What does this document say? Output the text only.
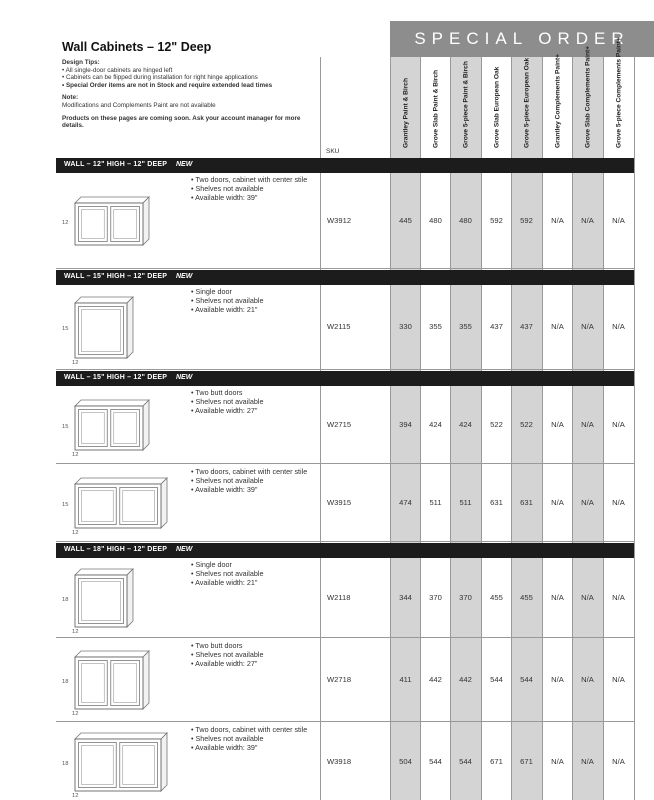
SPECIAL ORDER
Wall Cabinets – 12" Deep
Design Tips:
• All single-door cabinets are hinged left
• Cabinets can be flipped during installation for right hinge applications
• Special Order items are not in Stock and require extended lead times
Note:
Modifications and Complements Paint are not available
Products on these pages are coming soon. Ask your account manager for more details.
SKU
Grantley Paint & Birch	Grove Slab Paint & Birch	Grove 5-piece Paint & Birch	Grove Slab European Oak	Grove 5-piece European Oak	Grantley Complements Paint+	Grove Slab Complements Paint+	Grove 5-piece Complements Paint+
WALL – 12" HIGH – 12" DEEP NEW
WALL – 15" HIGH – 12" DEEP NEW
WALL – 15" HIGH – 12" DEEP NEW
WALL – 18" HIGH – 12" DEEP NEW
• Two doors, cabinet with center stile
• Shelves not available
• Available width: 39"
W3912	445	480	480	592	592	N/A	N/A	N/A
12
• Single door
• Shelves not available
• Available width: 21"
W2115	330	355	355	437	437	N/A	N/A	N/A
15
12
• Two butt doors
• Shelves not available
• Available width: 27"
W2715	394	424	424	522	522	N/A	N/A	N/A
15
12
• Two doors, cabinet with center stile
• Shelves not available
• Available width: 39"
W3915	474	511	511	631	631	N/A	N/A	N/A
15
12
• Single door
• Shelves not available
• Available width: 21"
W2118	344	370	370	455	455	N/A	N/A	N/A
18
12
• Two butt doors
• Shelves not available
• Available width: 27"
W2718	411	442	442	544	544	N/A	N/A	N/A
18
12
• Two doors, cabinet with center stile
• Shelves not available
• Available width: 39"
W3918	504	544	544	671	671	N/A	N/A	N/A
18
12
